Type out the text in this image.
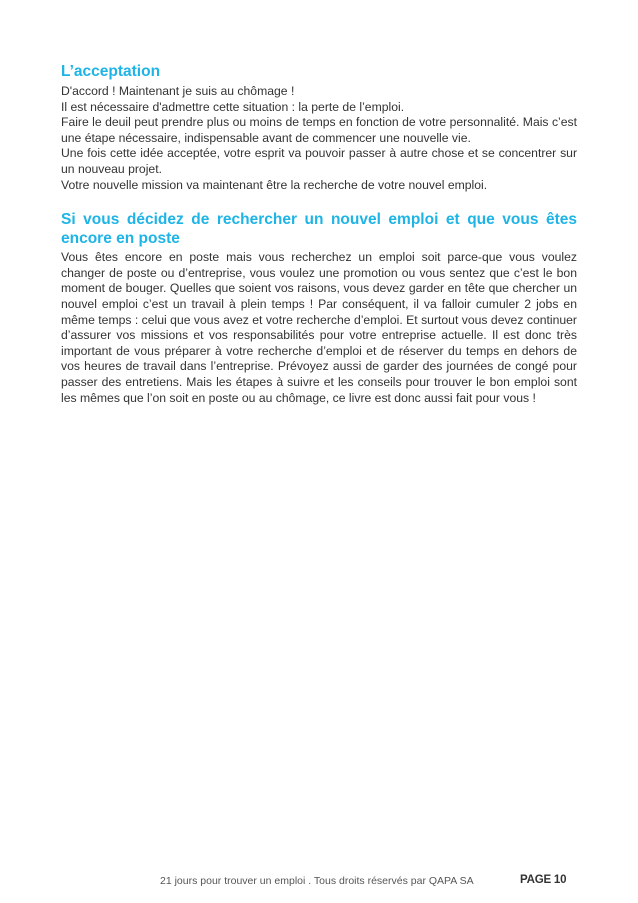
L’acceptation

D'accord ! Maintenant je suis au chômage !

Il est nécessaire d'admettre cette situation : la perte de l’emploi.

Faire le deuil peut prendre plus ou moins de temps en fonction de votre personnalité. Mais c’est une étape nécessaire, indispensable avant de commencer une nouvelle vie.

Une fois cette idée acceptée, votre esprit va pouvoir passer à autre chose et se concentrer sur un nouveau projet.

Votre nouvelle mission va maintenant être la recherche de votre nouvel emploi.

Si vous décidez de rechercher un nouvel emploi et que vous êtes encore en poste

Vous êtes encore en poste mais vous recherchez un emploi soit parce-que vous voulez changer de poste ou d’entreprise, vous voulez une promotion ou vous sentez que c’est le bon moment de bouger. Quelles que soient vos raisons, vous devez garder en tête que chercher un nouvel emploi c’est un travail à plein temps ! Par conséquent, il va falloir cumuler 2 jobs en même temps : celui que vous avez et votre recherche d’emploi. Et surtout vous devez continuer d’assurer vos missions et vos responsabilités pour votre entreprise actuelle. Il est donc très important de vous préparer à votre recherche d’emploi et de réserver du temps en dehors de vos heures de travail dans l’entreprise. Prévoyez aussi de garder des journées de congé pour passer des entretiens. Mais les étapes à suivre et les conseils pour trouver le bon emploi sont les mêmes que l’on soit en poste ou au chômage, ce livre est donc aussi fait pour vous !

21 jours pour trouver un emploi . Tous droits réservés par QAPA SA	PAGE 10
